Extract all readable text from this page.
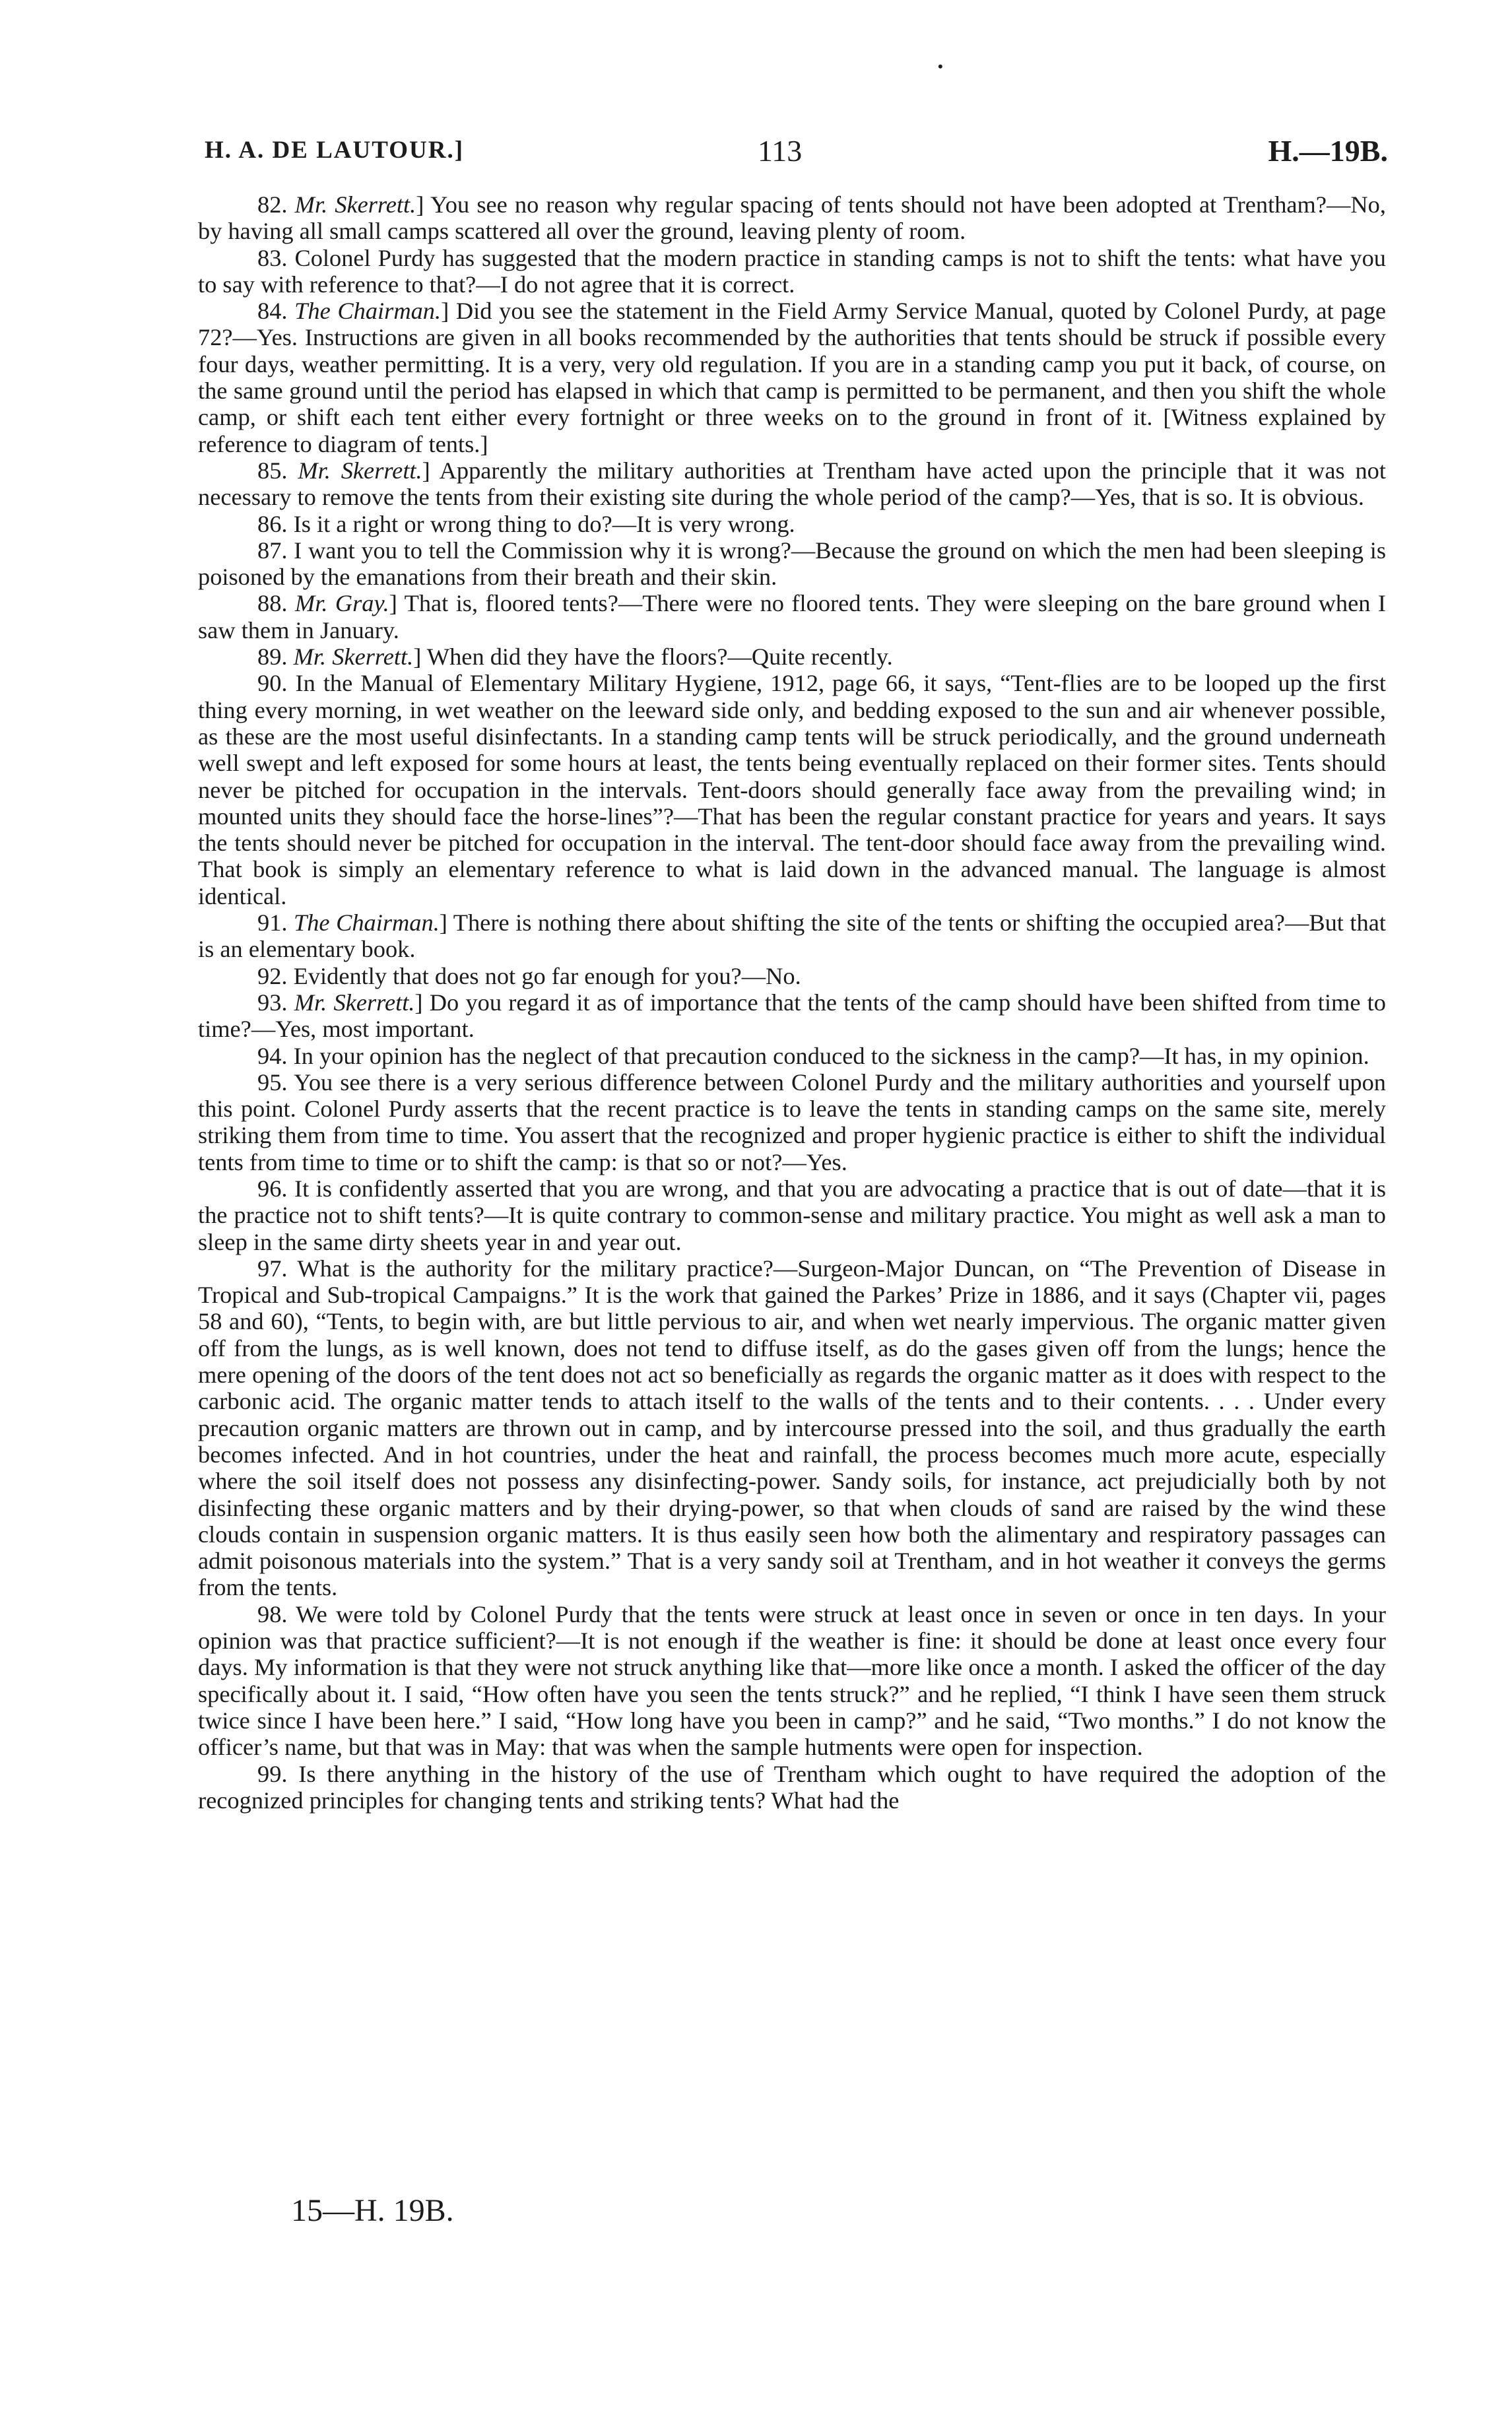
•
H. A. DE LAUTOUR.]	113	H.—19B.

82. Mr. Skerrett.] You see no reason why regular spacing of tents should not have been adopted at Trentham?—No, by having all small camps scattered all over the ground, leaving plenty of room.

83. Colonel Purdy has suggested that the modern practice in standing camps is not to shift the tents: what have you to say with reference to that?—I do not agree that it is correct.

84. The Chairman.] Did you see the statement in the Field Army Service Manual, quoted by Colonel Purdy, at page 72?—Yes. Instructions are given in all books recommended by the authorities that tents should be struck if possible every four days, weather permitting. It is a very, very old regulation. If you are in a standing camp you put it back, of course, on the same ground until the period has elapsed in which that camp is permitted to be permanent, and then you shift the whole camp, or shift each tent either every fortnight or three weeks on to the ground in front of it. [Witness explained by reference to diagram of tents.]

85. Mr. Skerrett.] Apparently the military authorities at Trentham have acted upon the principle that it was not necessary to remove the tents from their existing site during the whole period of the camp?—Yes, that is so. It is obvious.

86. Is it a right or wrong thing to do?—It is very wrong.

87. I want you to tell the Commission why it is wrong?—Because the ground on which the men had been sleeping is poisoned by the emanations from their breath and their skin.

88. Mr. Gray.] That is, floored tents?—There were no floored tents. They were sleeping on the bare ground when I saw them in January.

89. Mr. Skerrett.] When did they have the floors?—Quite recently.

90. In the Manual of Elementary Military Hygiene, 1912, page 66, it says, “Tent-flies are to be looped up the first thing every morning, in wet weather on the leeward side only, and bedding exposed to the sun and air whenever possible, as these are the most useful disinfectants. In a standing camp tents will be struck periodically, and the ground underneath well swept and left exposed for some hours at least, the tents being eventually replaced on their former sites. Tents should never be pitched for occupation in the intervals. Tent-doors should generally face away from the prevailing wind; in mounted units they should face the horse-lines”?—That has been the regular constant practice for years and years. It says the tents should never be pitched for occupation in the interval. The tent-door should face away from the prevailing wind. That book is simply an elementary reference to what is laid down in the advanced manual. The language is almost identical.

91. The Chairman.] There is nothing there about shifting the site of the tents or shifting the occupied area?—But that is an elementary book.

92. Evidently that does not go far enough for you?—No.

93. Mr. Skerrett.] Do you regard it as of importance that the tents of the camp should have been shifted from time to time?—Yes, most important.

94. In your opinion has the neglect of that precaution conduced to the sickness in the camp?—It has, in my opinion.

95. You see there is a very serious difference between Colonel Purdy and the military authorities and yourself upon this point. Colonel Purdy asserts that the recent practice is to leave the tents in standing camps on the same site, merely striking them from time to time. You assert that the recognized and proper hygienic practice is either to shift the individual tents from time to time or to shift the camp: is that so or not?—Yes.

96. It is confidently asserted that you are wrong, and that you are advocating a practice that is out of date—that it is the practice not to shift tents?—It is quite contrary to common-sense and military practice. You might as well ask a man to sleep in the same dirty sheets year in and year out.

97. What is the authority for the military practice?—Surgeon-Major Duncan, on “The Prevention of Disease in Tropical and Sub-tropical Campaigns.” It is the work that gained the Parkes’ Prize in 1886, and it says (Chapter vii, pages 58 and 60), “Tents, to begin with, are but little pervious to air, and when wet nearly impervious. The organic matter given off from the lungs, as is well known, does not tend to diffuse itself, as do the gases given off from the lungs; hence the mere opening of the doors of the tent does not act so beneficially as regards the organic matter as it does with respect to the carbonic acid. The organic matter tends to attach itself to the walls of the tents and to their contents. . . . Under every precaution organic matters are thrown out in camp, and by intercourse pressed into the soil, and thus gradually the earth becomes infected. And in hot countries, under the heat and rainfall, the process becomes much more acute, especially where the soil itself does not possess any disinfecting-power. Sandy soils, for instance, act prejudicially both by not disinfecting these organic matters and by their drying-power, so that when clouds of sand are raised by the wind these clouds contain in suspension organic matters. It is thus easily seen how both the alimentary and respiratory passages can admit poisonous materials into the system.” That is a very sandy soil at Trentham, and in hot weather it conveys the germs from the tents.

98. We were told by Colonel Purdy that the tents were struck at least once in seven or once in ten days. In your opinion was that practice sufficient?—It is not enough if the weather is fine: it should be done at least once every four days. My information is that they were not struck anything like that—more like once a month. I asked the officer of the day specifically about it. I said, “How often have you seen the tents struck?” and he replied, “I think I have seen them struck twice since I have been here.” I said, “How long have you been in camp?” and he said, “Two months.” I do not know the officer’s name, but that was in May: that was when the sample hutments were open for inspection.

99. Is there anything in the history of the use of Trentham which ought to have required the adoption of the recognized principles for changing tents and striking tents? What had the

15—H. 19B.
